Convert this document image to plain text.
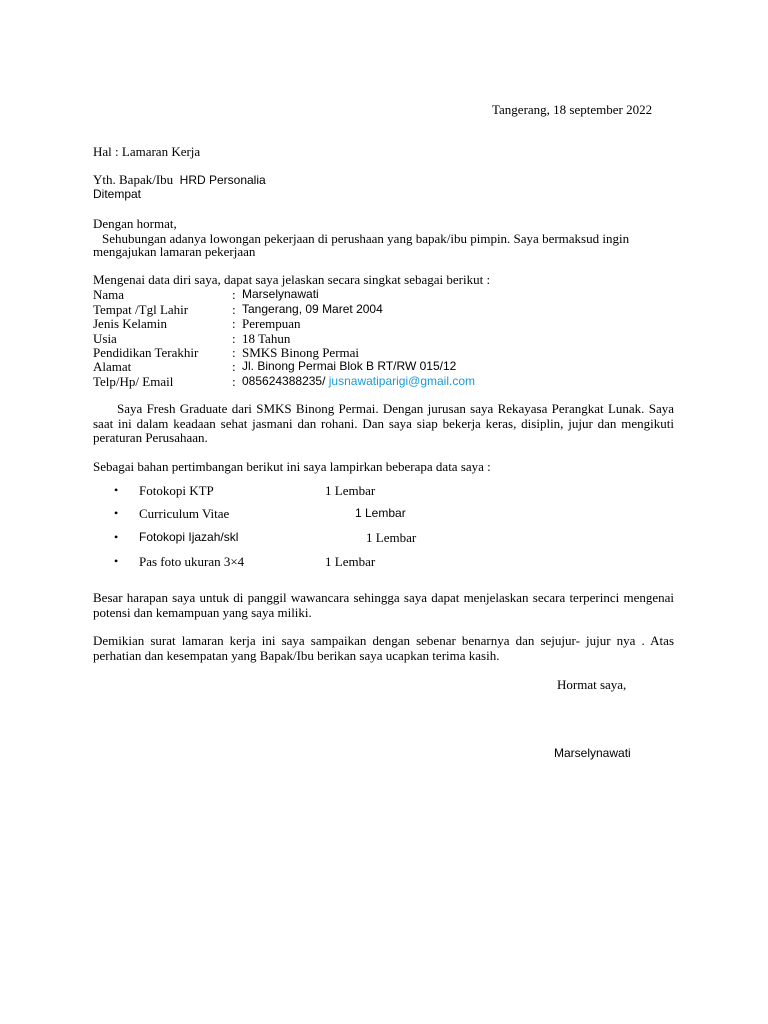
Tangerang, 18 september 2022
Hal : Lamaran Kerja
Yth. Bapak/Ibu HRD Personalia
Ditempat
Dengan hormat,
Sehubungan adanya lowongan pekerjaan di perushaan yang bapak/ibu pimpin. Saya bermaksud ingin
mengajukan lamaran pekerjaan
Mengenai data diri saya, dapat saya jelaskan secara singkat sebagai berikut :
Nama	: Marselynawati
Tempat /Tgl Lahir	: Tangerang, 09 Maret 2004
Jenis Kelamin	: Perempuan
Usia	: 18 Tahun
Pendidikan Terakhir	: SMKS Binong Permai
Alamat	: Jl. Binong Permai Blok B RT/RW 015/12
Telp/Hp/ Email	: 085624388235/ jusnawatiparigi@gmail.com
Saya Fresh Graduate dari SMKS Binong Permai. Dengan jurusan saya Rekayasa Perangkat Lunak. Saya saat ini dalam keadaan sehat jasmani dan rohani. Dan saya siap bekerja keras, disiplin, jujur dan mengikuti peraturan Perusahaan.
Sebagai bahan pertimbangan berikut ini saya lampirkan beberapa data saya :
• Fotokopi KTP	1 Lembar
• Curriculum Vitae	1 Lembar
• Fotokopi Ijazah/skl	1 Lembar
• Pas foto ukuran 3×4	1 Lembar
Besar harapan saya untuk di panggil wawancara sehingga saya dapat menjelaskan secara terperinci mengenai potensi dan kemampuan yang saya miliki.
Demikian surat lamaran kerja ini saya sampaikan dengan sebenar benarnya dan sejujur- jujur nya . Atas perhatian dan kesempatan yang Bapak/Ibu berikan saya ucapkan terima kasih.
Hormat saya,
Marselynawati
